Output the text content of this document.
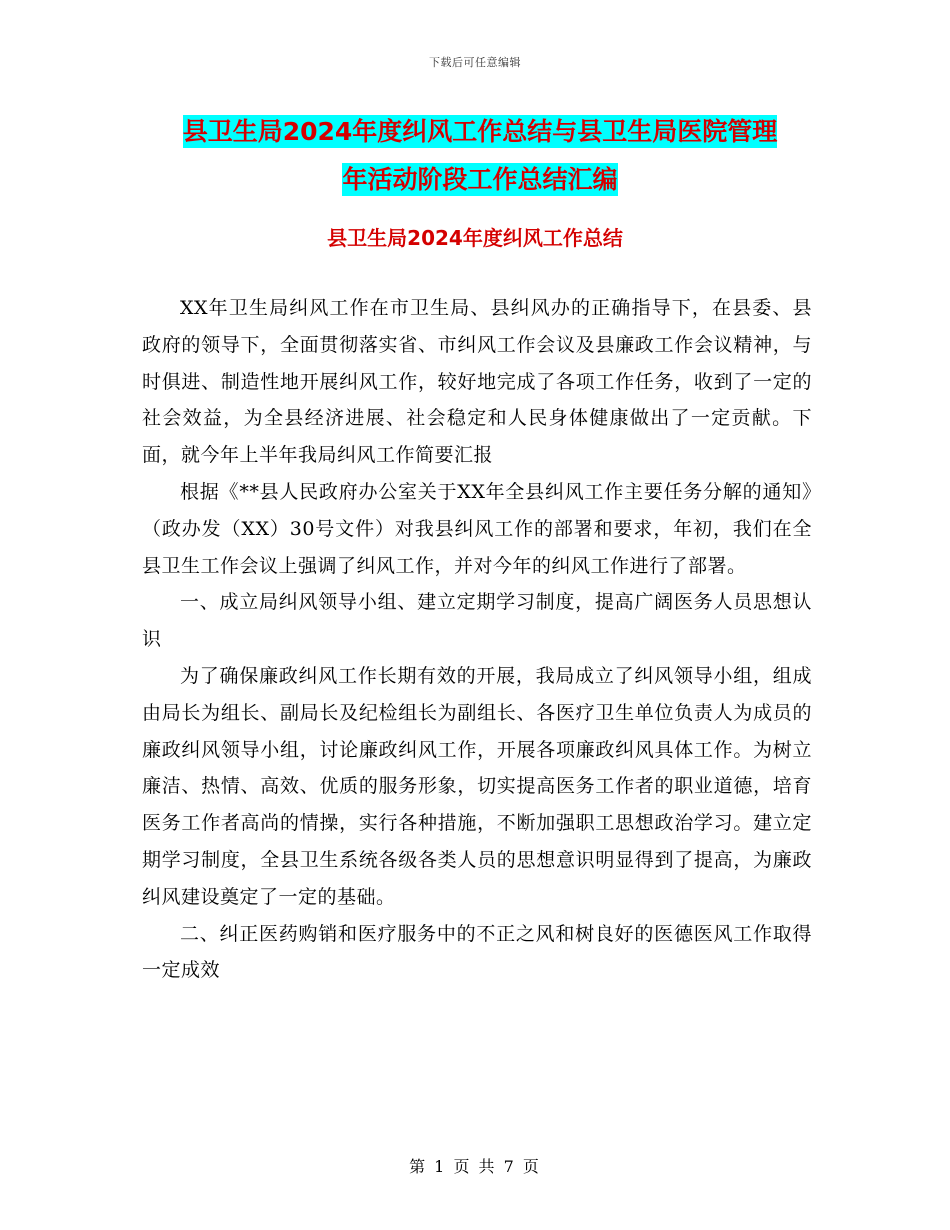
下载后可任意编辑
县卫生局2024年度纠风工作总结与县卫生局医院管理
年活动阶段工作总结汇编
县卫生局2024年度纠风工作总结

XX年卫生局纠风工作在市卫生局、县纠风办的正确指导下，在县委、县政府的领导下，全面贯彻落实省、市纠风工作会议及县廉政工作会议精神，与时俱进、制造性地开展纠风工作，较好地完成了各项工作任务，收到了一定的社会效益，为全县经济进展、社会稳定和人民身体健康做出了一定贡献。下面，就今年上半年我局纠风工作简要汇报

根据《**县人民政府办公室关于XX年全县纠风工作主要任务分解的通知》（政办发（XX）30号文件）对我县纠风工作的部署和要求，年初，我们在全县卫生工作会议上强调了纠风工作，并对今年的纠风工作进行了部署。

一、成立局纠风领导小组、建立定期学习制度，提高广阔医务人员思想认识

为了确保廉政纠风工作长期有效的开展，我局成立了纠风领导小组，组成由局长为组长、副局长及纪检组长为副组长、各医疗卫生单位负责人为成员的廉政纠风领导小组，讨论廉政纠风工作，开展各项廉政纠风具体工作。为树立廉洁、热情、高效、优质的服务形象，切实提高医务工作者的职业道德，培育医务工作者高尚的情操，实行各种措施，不断加强职工思想政治学习。建立定期学习制度，全县卫生系统各级各类人员的思想意识明显得到了提高，为廉政纠风建设奠定了一定的基础。

二、纠正医药购销和医疗服务中的不正之风和树良好的医德医风工作取得一定成效

第 1 页 共 7 页
